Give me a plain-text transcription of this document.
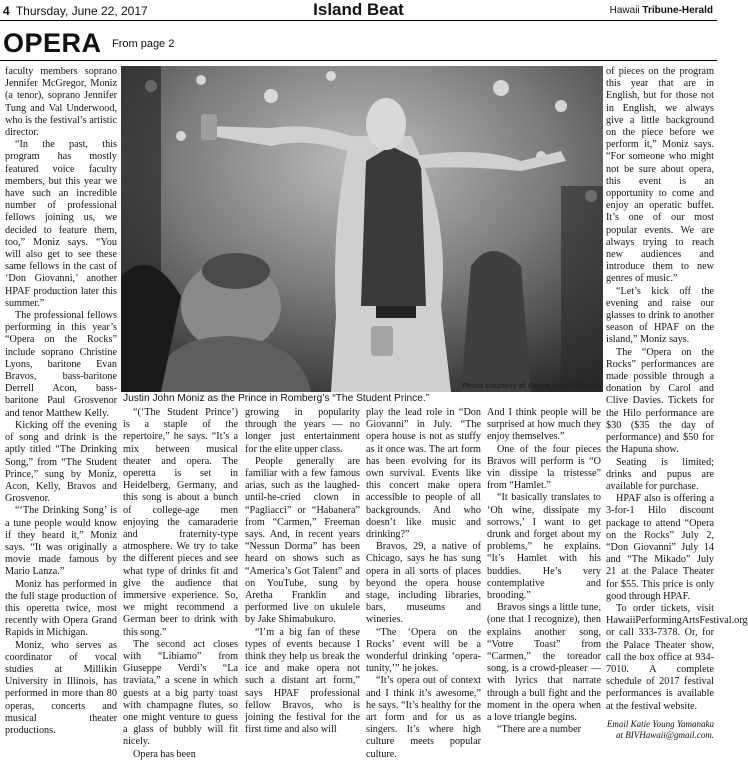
4 Thursday, June 22, 2017	Island Beat	Hawaii Tribune-Herald
OPERA From page 2

faculty members soprano Jennifer McGregor, Moniz (a tenor), soprano Jennifer Tung and Val Underwood, who is the festival’s artistic director.

“In the past, this program has mostly featured voice faculty members, but this year we have such an incredible number of professional fellows joining us, we decided to feature them, too,” Moniz says. “You will also get to see these same fellows in the cast of ‘Don Giovanni,’ another HPAF production later this summer.”

The professional fellows performing in this year’s “Opera on the Rocks” include soprano Christine Lyons, baritone Evan Bravos, bass-baritone Derrell Acon, bass-baritone Paul Grosvenor and tenor Matthew Kelly.

Kicking off the evening of song and drink is the aptly titled “The Drinking Song,” from “The Student Prince,” sung by Moniz, Acon, Kelly, Bravos and Grosvenor.

“‘The Drinking Song’ is a tune people would know if they heard it,” Moniz says. “It was originally a movie made famous by Mario Lanza.”

Moniz has performed in the full stage production of this operetta twice, most recently with Opera Grand Rapids in Michigan.

Moniz, who serves as coordinator of vocal studies at Millikin University in Illinois, has performed in more than 80 operas, concerts and musical theater productions.

Photo courtesy of Opera Grand Rapids
Justin John Moniz as the Prince in Romberg’s “The Student Prince.”

“(‘The Student Prince’) is a staple of the repertoire,” he says. “It’s a mix between musical theater and opera. The operetta is set in Heidelberg, Germany, and this song is about a bunch of college-age men enjoying the camaraderie and fraternity-type atmosphere. We try to take the different pieces and see what type of drinks fit and give the audience that immersive experience. So, we might recommend a German beer to drink with this song.”

The second act closes with “Libiamo” from Giuseppe Verdi’s “La traviata,” a scene in which guests at a big party toast with champagne flutes, so one might venture to guess a glass of bubbly will fit nicely.

Opera has been

growing in popularity through the years — no longer just entertainment for the elite upper class.

People generally are familiar with a few famous arias, such as the laughed-until-he-cried clown in “Pagliacci” or “Habanera” from “Carmen,” Freeman says. And, in recent years “Nessun Dorma” has been heard on shows such as “America’s Got Talent” and on YouTube, sung by Aretha Franklin and performed live on ukulele by Jake Shimabukuro.

“I’m a big fan of these types of events because I think they help us break the ice and make opera not such a distant art form,” says HPAF professional fellow Bravos, who is joining the festival for the first time and also will

play the lead role in “Don Giovanni” in July. “The opera house is not as stuffy as it once was. The art form has been evolving for its own survival. Events like this concert make opera accessible to people of all backgrounds. And who doesn’t like music and drinking?”

Bravos, 29, a native of Chicago, says he has sung opera in all sorts of places beyond the opera house stage, including libraries, bars, museums and wineries.

“The ‘Opera on the Rocks’ event will be a wonderful drinking ‘opera-tunity,’” he jokes.

“It’s opera out of context and I think it’s awesome,” he says. “It’s healthy for the art form and for us as singers. It’s where high culture meets popular culture.

And I think people will be surprised at how much they enjoy themselves.”

One of the four pieces Bravos will perform is “O vin dissipe la tristesse” from “Hamlet.”

“It basically translates to ‘Oh wine, dissipate my sorrows,’ I want to get drunk and forget about my problems,” he explains. “It’s Hamlet with his buddies. He’s very contemplative and brooding.”

Bravos sings a little tune, (one that I recognize), then explains another song, “Votre Toast” from “Carmen,” the toreador song, is a crowd-pleaser — with lyrics that narrate through a bull fight and the moment in the opera when a love triangle begins.

“There are a number

of pieces on the program this year that are in English, but for those not in English, we always give a little background on the piece before we perform it,” Moniz says. “For someone who might not be sure about opera, this event is an opportunity to come and enjoy an operatic buffet. It’s one of our most popular events. We are always trying to reach new audiences and introduce them to new genres of music.”

“Let’s kick off the evening and raise our glasses to drink to another season of HPAF on the island,” Moniz says.

The “Opera on the Rocks” performances are made possible through a donation by Carol and Clive Davies. Tickets for the Hilo performance are $30 ($35 the day of performance) and $50 for the Hapuna show.

Seating is limited; drinks and pupus are available for purchase.

HPAF also is offering a 3-for-1 Hilo discount package to attend “Opera on the Rocks” July 2, “Don Giovanni” July 14 and “The Mikado” July 21 at the Palace Theater for $55. This price is only good through HPAF.

To order tickets, visit HawaiiPerformingArtsFestival.org or call 333-7378. Or, for the Palace Theater show, call the box office at 934-7010. A complete schedule of 2017 festival performances is available at the festival website.

Email Katie Young Yamanaka at BIVHawaii@gmail.com.
